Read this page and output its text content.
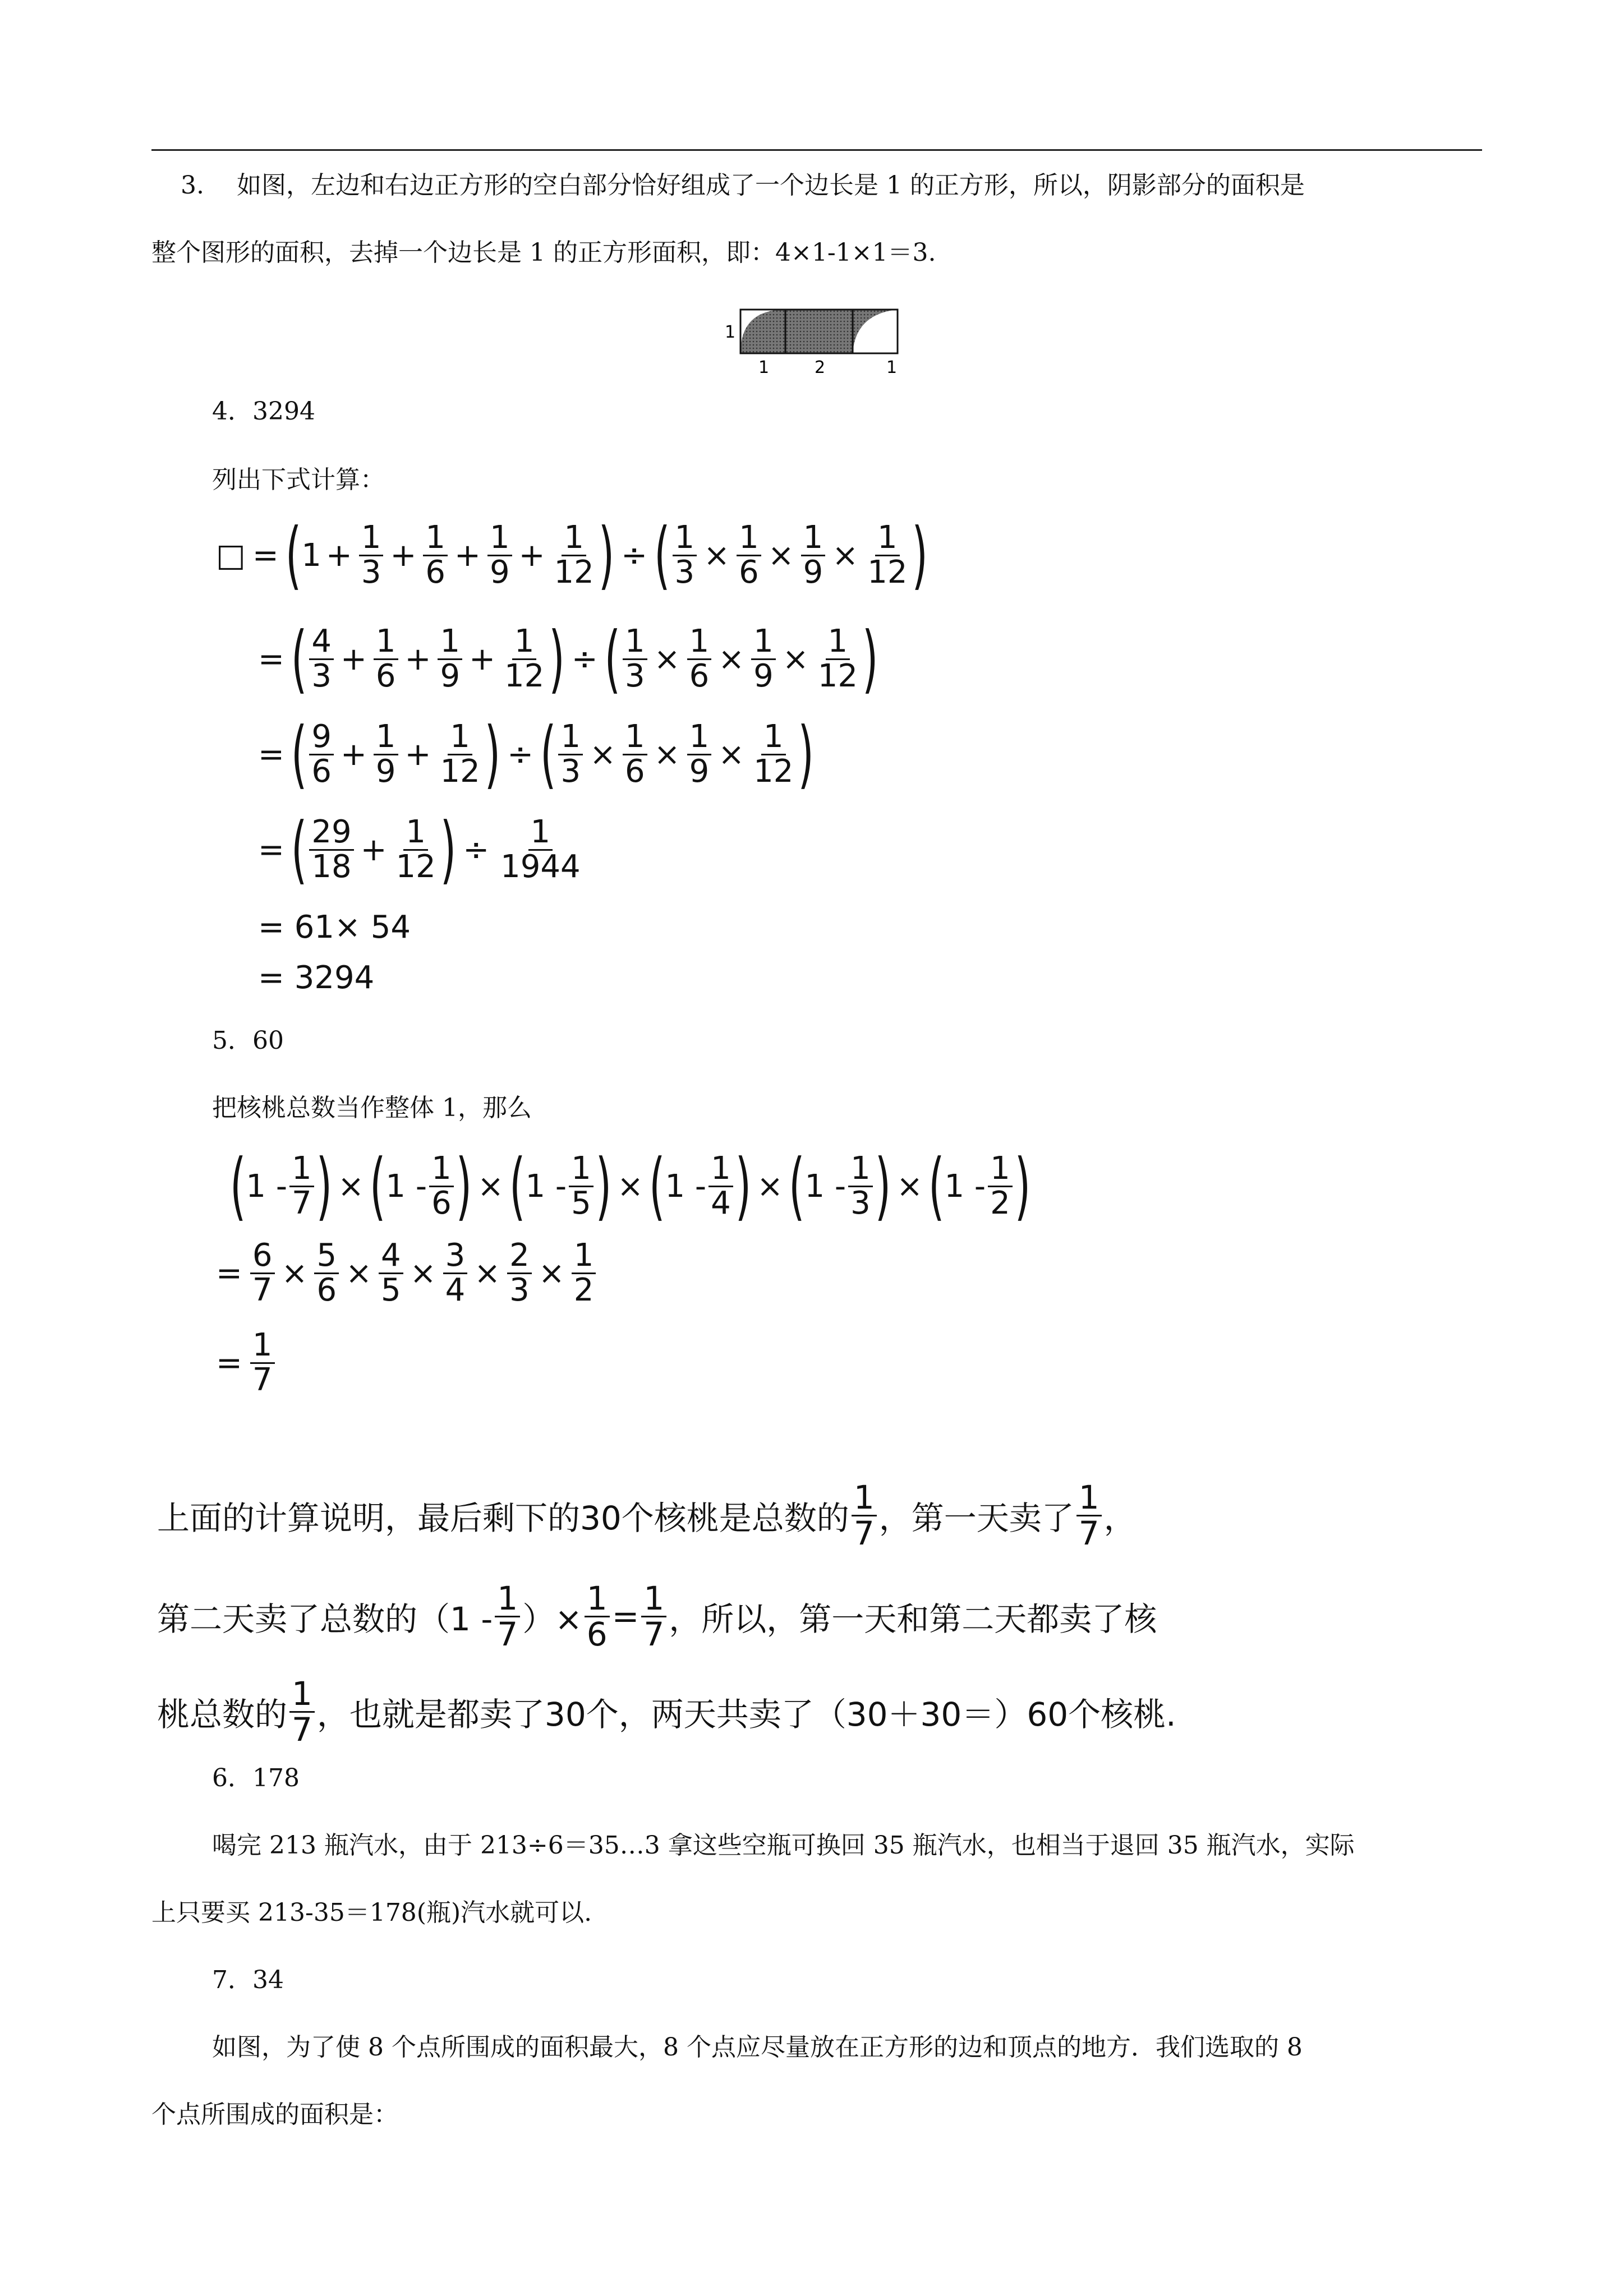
3.　 如图，左边和右边正方形的空白部分恰好组成了一个边长是 1 的正方形，所以，阴影部分的面积是
整个图形的面积，去掉一个边长是 1 的正方形面积，即：4×1-1×1＝3.
1
1	2	1
4．3294
列出下式计算：
□ = ( $1 + \frac{1}{3} + \frac{1}{6} + \frac{1}{9} + \frac{1}{12}$ ) ÷ ( $\frac{1}{3} \times \frac{1}{6} \times \frac{1}{9} \times \frac{1}{12}$ )
= ( $\frac{4}{3} + \frac{1}{6} + \frac{1}{9} + \frac{1}{12}$ ) ÷ ( $\frac{1}{3} \times \frac{1}{6} \times \frac{1}{9} \times \frac{1}{12}$ )
= ( $\frac{9}{6} + \frac{1}{9} + \frac{1}{12}$ ) ÷ ( $\frac{1}{3} \times \frac{1}{6} \times \frac{1}{9} \times \frac{1}{12}$ )
= ( $\frac{29}{18} + \frac{1}{12}$ ) ÷ $\frac{1}{1944}$
= 61× 54
= 3294
5．60
把核桃总数当作整体 1，那么
( $1 - \frac{1}{7}$ ) × ( $1 - \frac{1}{6}$ ) × ( $1 - \frac{1}{5}$ ) × ( $1 - \frac{1}{4}$ ) × ( $1 - \frac{1}{3}$ ) × ( $1 - \frac{1}{2}$ )
= $\frac{6}{7} \times \frac{5}{6} \times \frac{4}{5} \times \frac{3}{4} \times \frac{2}{3} \times \frac{1}{2}$
= $\frac{1}{7}$
上面的计算说明，最后剩下的30个核桃是总数的 $\frac{1}{7}$ ，第一天卖了 $\frac{1}{7}$ ，
第二天卖了总数的（$1 - \frac{1}{7}$ ）× $\frac{1}{6} = \frac{1}{7}$ ，所以，第一天和第二天都卖了核
桃总数的 $\frac{1}{7}$ ，也就是都卖了30个，两天共卖了（30＋30＝）60个核桃.
6．178
喝完 213 瓶汽水，由于 213÷6＝35…3 拿这些空瓶可换回 35 瓶汽水，也相当于退回 35 瓶汽水，实际
上只要买 213-35＝178(瓶)汽水就可以.
7．34
如图，为了使 8 个点所围成的面积最大，8 个点应尽量放在正方形的边和顶点的地方．我们选取的 8
个点所围成的面积是：
